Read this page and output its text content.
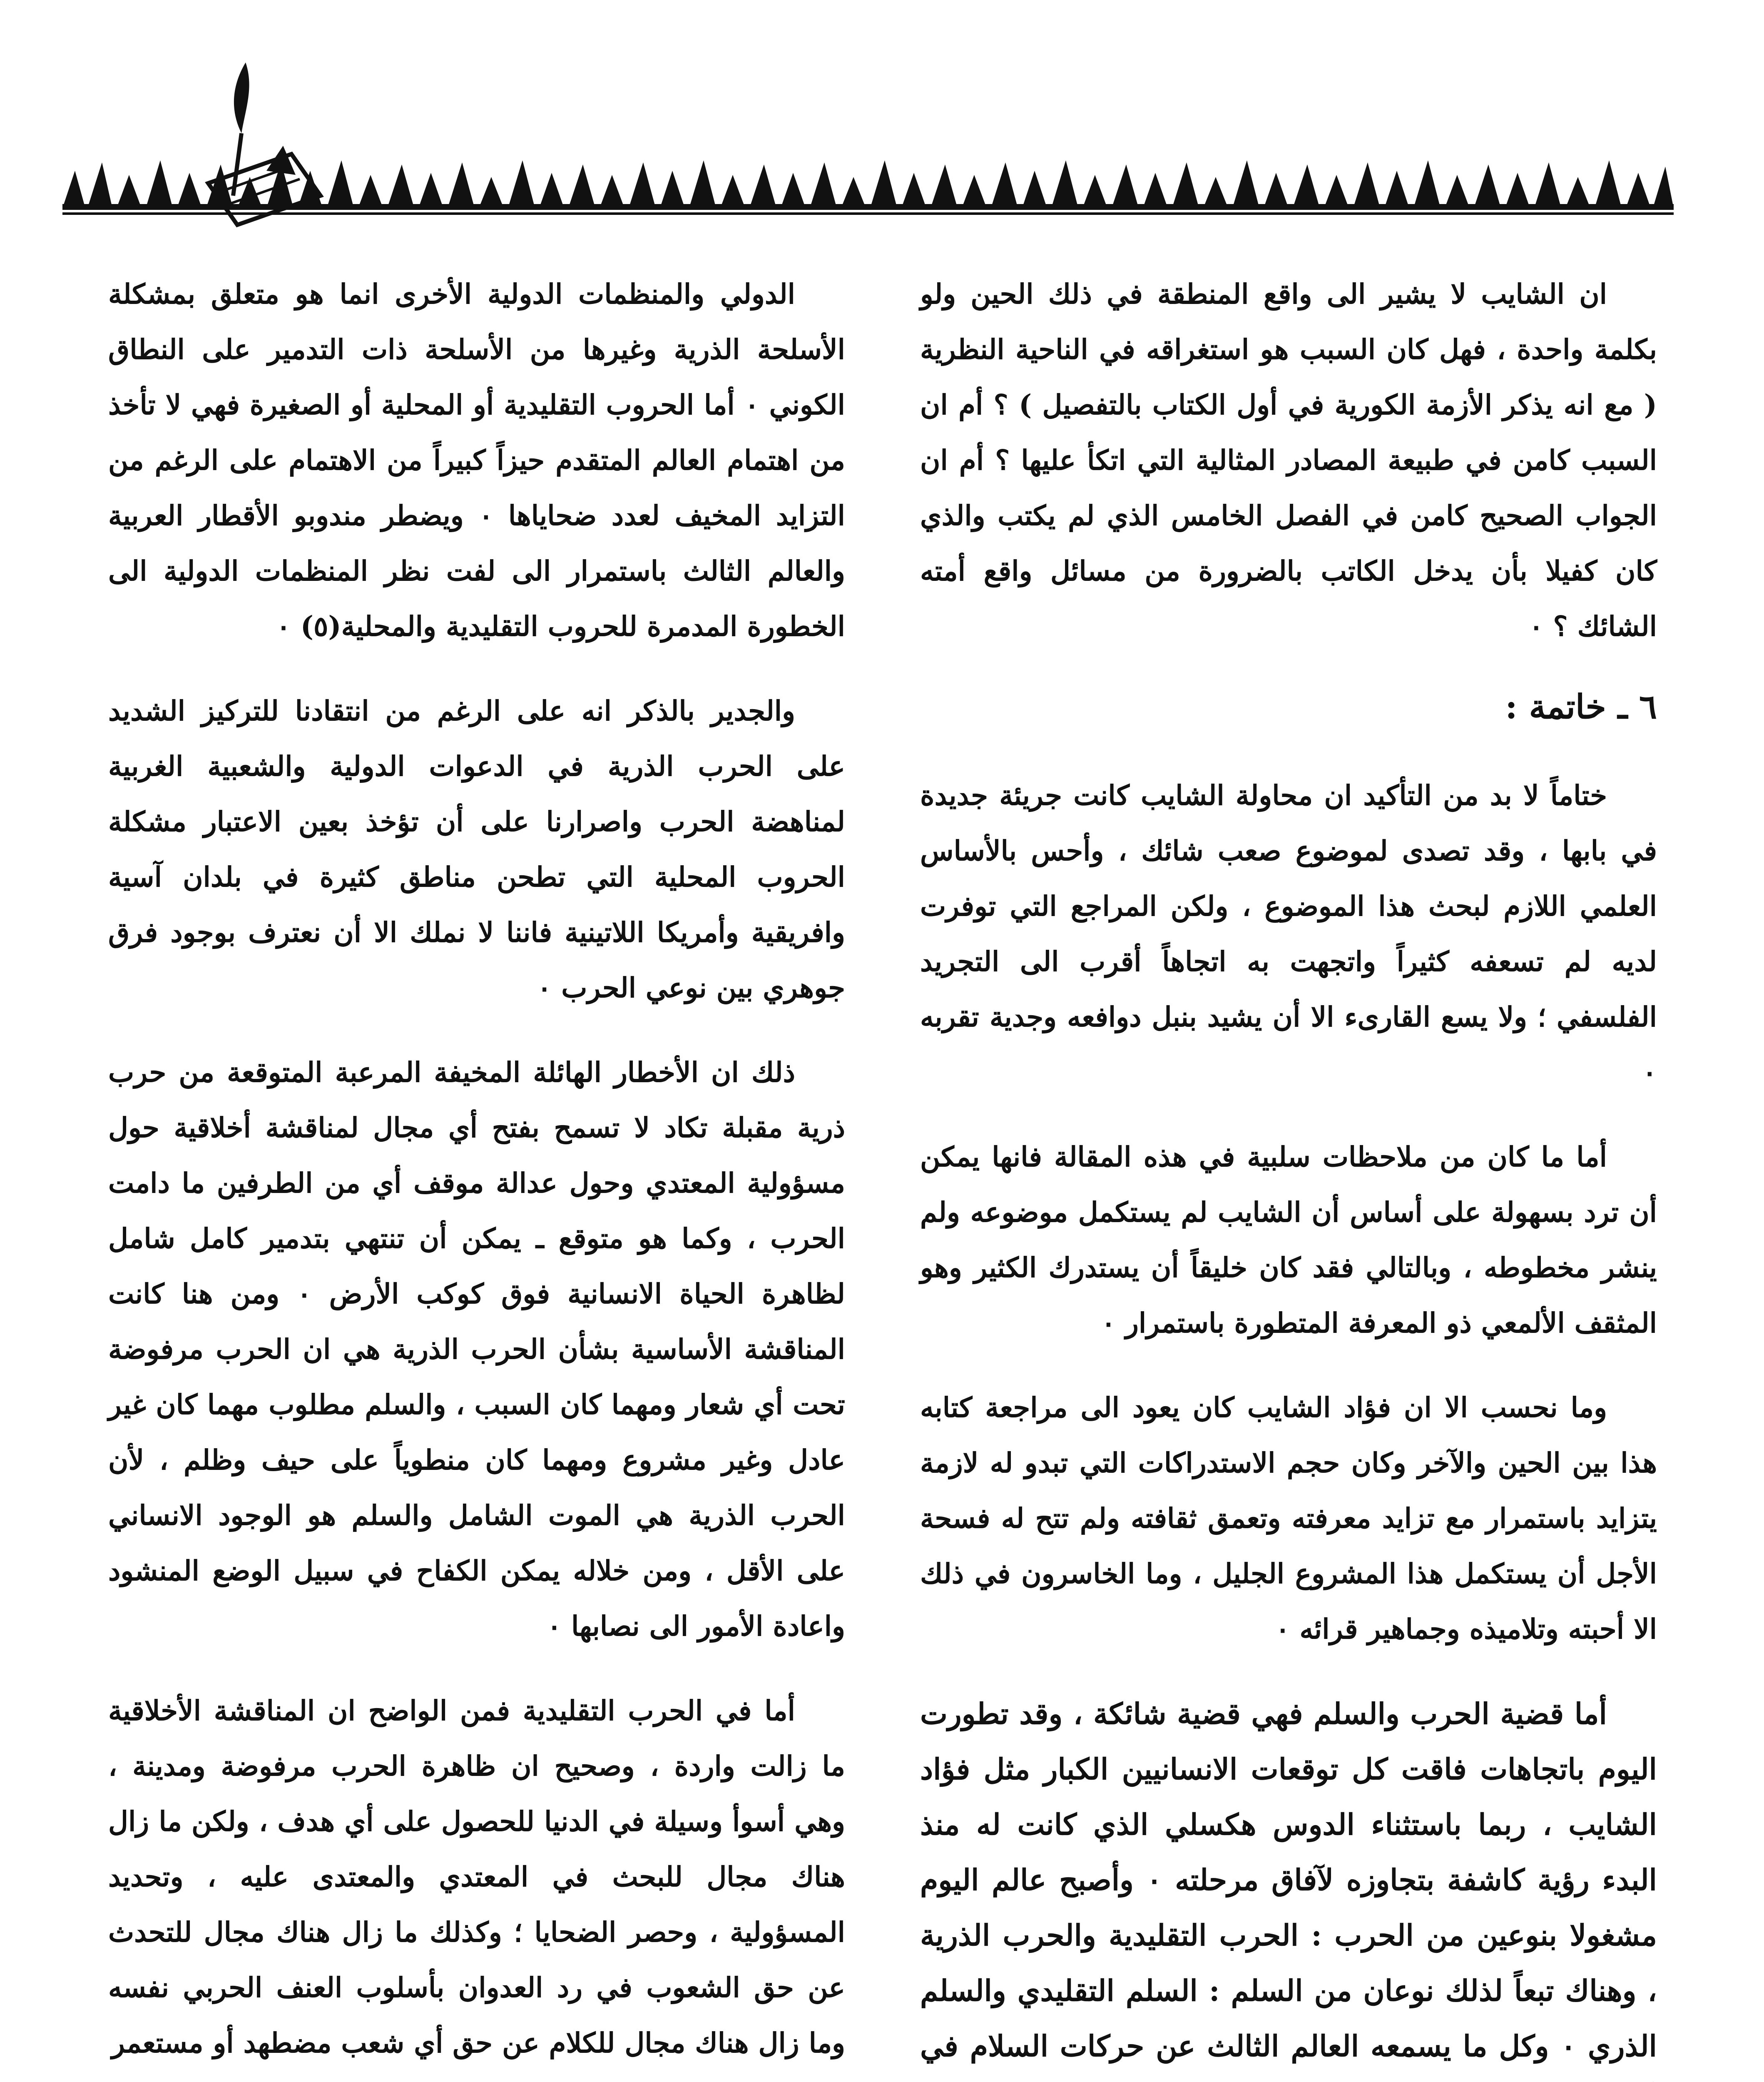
ان الشايب لا يشير الى واقع المنطقة في ذلك الحين ولو بكلمة واحدة ، فهل كان السبب هو استغراقه في الناحية النظرية ( مع انه يذكر الأزمة الكورية في أول الكتاب بالتفصيل ) ؟ أم ان السبب كامن في طبيعة المصادر المثالية التي اتكأ عليها ؟ أم ان الجواب الصحيح كامن في الفصل الخامس الذي لم يكتب والذي كان كفيلا بأن يدخل الكاتب بالضرورة من مسائل واقع أمته الشائك ؟ ٠

٦ ـ خاتمة :

ختاماً لا بد من التأكيد ان محاولة الشايب كانت جريئة جديدة في بابها ، وقد تصدى لموضوع صعب شائك ، وأحس بالأساس العلمي اللازم لبحث هذا الموضوع ، ولكن المراجع التي توفرت لديه لم تسعفه كثيراً واتجهت به اتجاهاً أقرب الى التجريد الفلسفي ؛ ولا يسع القارىء الا أن يشيد بنبل دوافعه وجدية تقربه ٠

أما ما كان من ملاحظات سلبية في هذه المقالة فانها يمكن أن ترد بسهولة على أساس أن الشايب لم يستكمل موضوعه ولم ينشر مخطوطه ، وبالتالي فقد كان خليقاً أن يستدرك الكثير وهو المثقف الألمعي ذو المعرفة المتطورة باستمرار ٠

وما نحسب الا ان فؤاد الشايب كان يعود الى مراجعة كتابه هذا بين الحين والآخر وكان حجم الاستدراكات التي تبدو له لازمة يتزايد باستمرار مع تزايد معرفته وتعمق ثقافته ولم تتح له فسحة الأجل أن يستكمل هذا المشروع الجليل ، وما الخاسرون في ذلك الا أحبته وتلاميذه وجماهير قرائه ٠

أما قضية الحرب والسلم فهي قضية شائكة ، وقد تطورت اليوم باتجاهات فاقت كل توقعات الانسانيين الكبار مثل فؤاد الشايب ، ربما باستثناء الدوس هكسلي الذي كانت له منذ البدء رؤية كاشفة بتجاوزه لآفاق مرحلته ٠ وأصبح عالم اليوم مشغولا بنوعين من الحرب : الحرب التقليدية والحرب الذرية ، وهناك تبعاً لذلك نوعان من السلم : السلم التقليدي والسلم الذري ٠ وكل ما يسمعه العالم الثالث عن حركات السلام في

الدولي والمنظمات الدولية الأخرى انما هو متعلق بمشكلة الأسلحة الذرية وغيرها من الأسلحة ذات التدمير على النطاق الكوني ٠ أما الحروب التقليدية أو المحلية أو الصغيرة فهي لا تأخذ من اهتمام العالم المتقدم حيزاً كبيراً من الاهتمام على الرغم من التزايد المخيف لعدد ضحاياها ٠ ويضطر مندوبو الأقطار العربية والعالم الثالث باستمرار الى لفت نظر المنظمات الدولية الى الخطورة المدمرة للحروب التقليدية والمحلية(٥) ٠

والجدير بالذكر انه على الرغم من انتقادنا للتركيز الشديد على الحرب الذرية في الدعوات الدولية والشعبية الغربية لمناهضة الحرب واصرارنا على أن تؤخذ بعين الاعتبار مشكلة الحروب المحلية التي تطحن مناطق كثيرة في بلدان آسية وافريقية وأمريكا اللاتينية فاننا لا نملك الا أن نعترف بوجود فرق جوهري بين نوعي الحرب ٠

ذلك ان الأخطار الهائلة المخيفة المرعبة المتوقعة من حرب ذرية مقبلة تكاد لا تسمح بفتح أي مجال لمناقشة أخلاقية حول مسؤولية المعتدي وحول عدالة موقف أي من الطرفين ما دامت الحرب ، وكما هو متوقع ـ يمكن أن تنتهي بتدمير كامل شامل لظاهرة الحياة الانسانية فوق كوكب الأرض ٠ ومن هنا كانت المناقشة الأساسية بشأن الحرب الذرية هي ان الحرب مرفوضة تحت أي شعار ومهما كان السبب ، والسلم مطلوب مهما كان غير عادل وغير مشروع ومهما كان منطوياً على حيف وظلم ، لأن الحرب الذرية هي الموت الشامل والسلم هو الوجود الانساني على الأقل ، ومن خلاله يمكن الكفاح في سبيل الوضع المنشود واعادة الأمور الى نصابها ٠

أما في الحرب التقليدية فمن الواضح ان المناقشة الأخلاقية ما زالت واردة ، وصحيح ان ظاهرة الحرب مرفوضة ومدينة ، وهي أسوأ وسيلة في الدنيا للحصول على أي هدف ، ولكن ما زال هناك مجال للبحث في المعتدي والمعتدى عليه ، وتحديد المسؤولية ، وحصر الضحايا ؛ وكذلك ما زال هناك مجال للتحدث عن حق الشعوب في رد العدوان بأسلوب العنف الحربي نفسه وما زال هناك مجال للكلام عن حق أي شعب مضطهد أو مستعمر
